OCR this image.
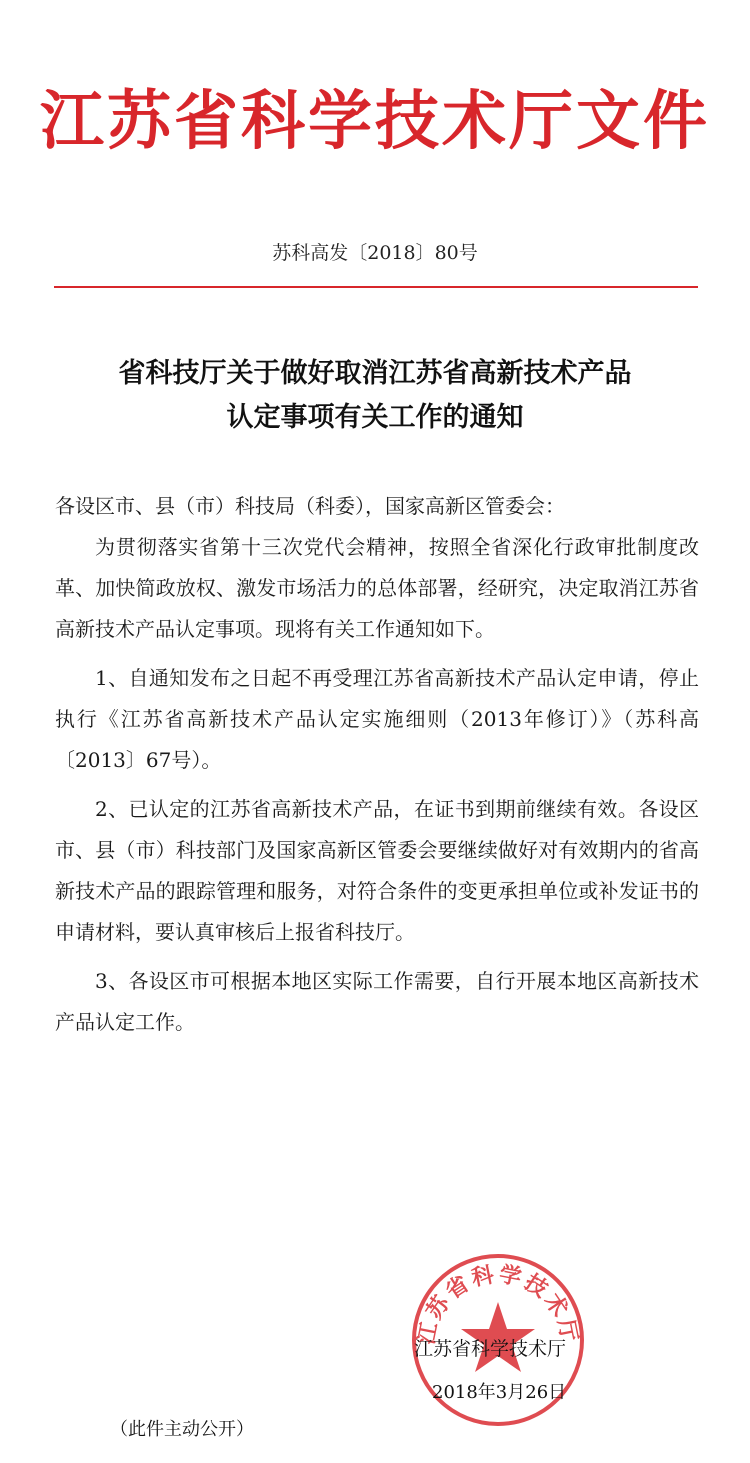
江苏省科学技术厅文件
苏科高发〔2018〕80号
省科技厅关于做好取消江苏省高新技术产品
认定事项有关工作的通知

各设区市、县（市）科技局（科委），国家高新区管委会：

为贯彻落实省第十三次党代会精神，按照全省深化行政审批制度改革、加快简政放权、激发市场活力的总体部署，经研究，决定取消江苏省高新技术产品认定事项。现将有关工作通知如下。

1、自通知发布之日起不再受理江苏省高新技术产品认定申请，停止执行《江苏省高新技术产品认定实施细则（2013年修订）》（苏科高〔2013〕67号）。

2、已认定的江苏省高新技术产品，在证书到期前继续有效。各设区市、县（市）科技部门及国家高新区管委会要继续做好对有效期内的省高新技术产品的跟踪管理和服务，对符合条件的变更承担单位或补发证书的申请材料，要认真审核后上报省科技厅。

3、各设区市可根据本地区实际工作需要，自行开展本地区高新技术产品认定工作。

江苏省科学技术厅
江苏省科学技术厅
2018年3月26日
（此件主动公开）
